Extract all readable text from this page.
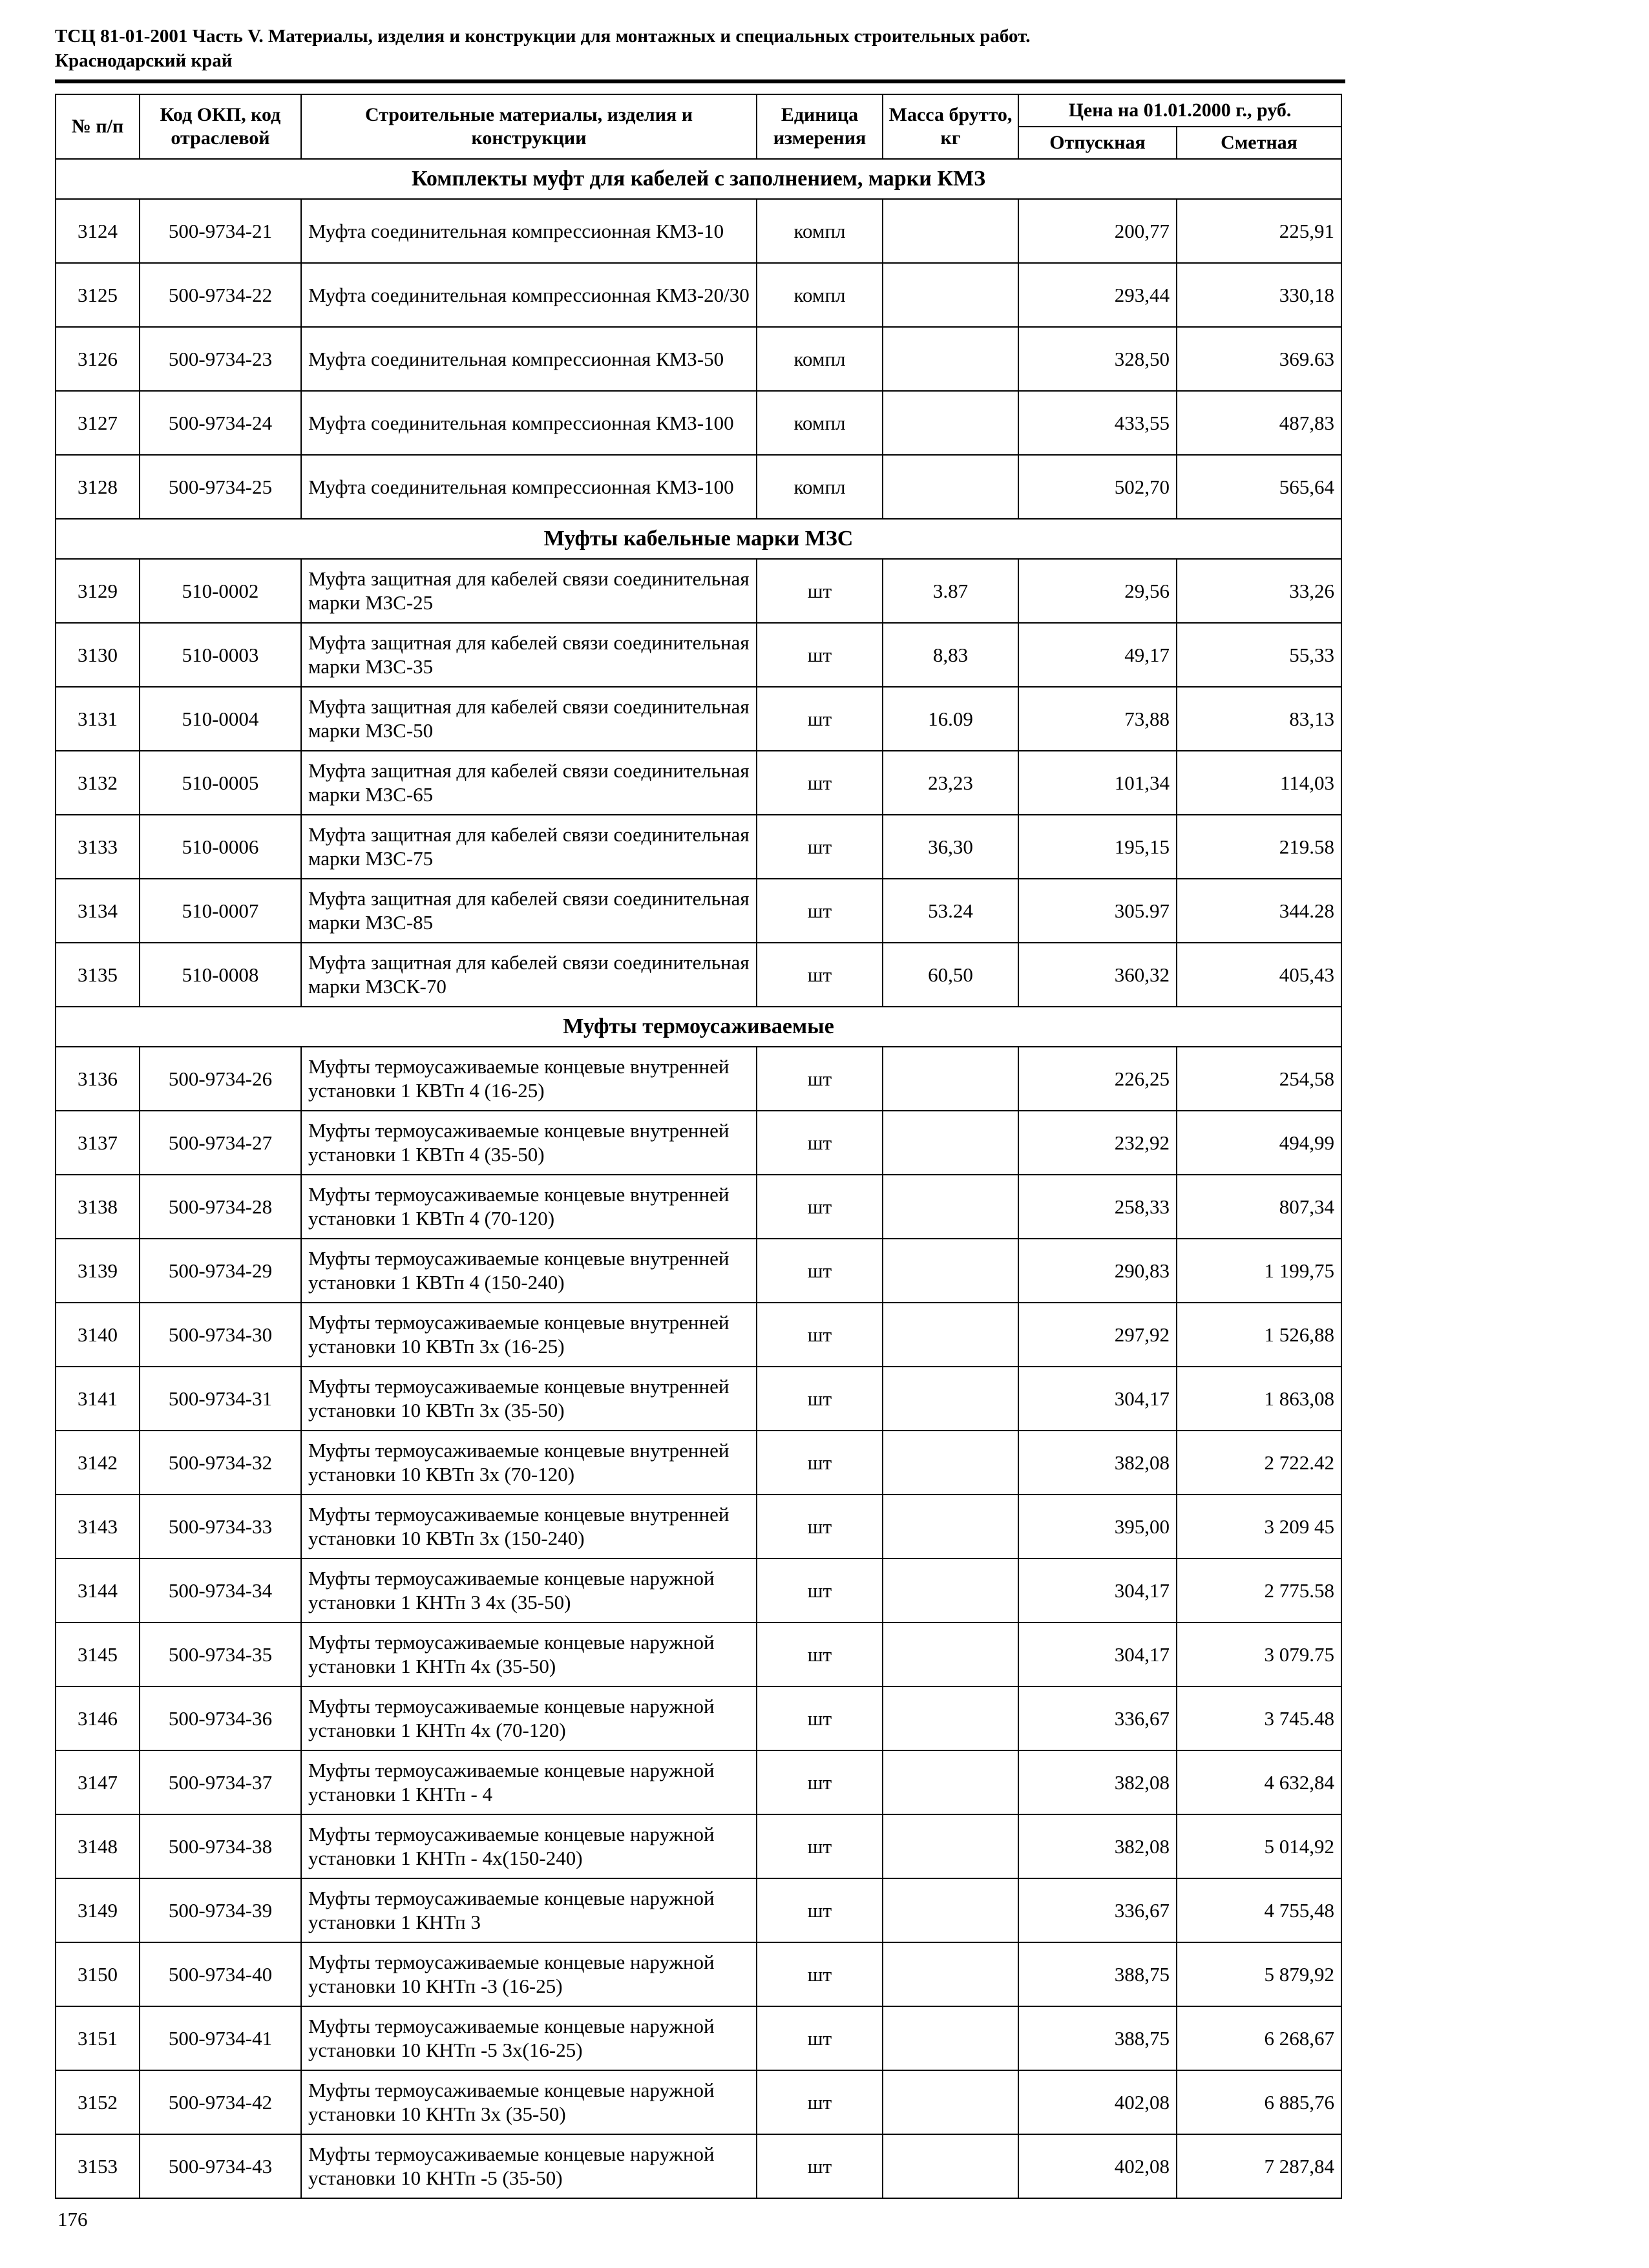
ТСЦ 81-01-2001 Часть V. Материалы, изделия и конструкции для монтажных и специальных строительных работ.
Краснодарский край
№ п/п	Код ОКП, код отраслевой	Строительные материалы, изделия и конструкции	Единица измерения	Масса брутто, кг	Цена на 01.01.2000 г., руб.	
					Отпускная	Сметная
Комплекты муфт для кабелей с заполнением, марки КМЗ						
3124	500-9734-21	Муфта соединительная компрессионная КМЗ-10	компл		200,77	225,91
3125	500-9734-22	Муфта соединительная компрессионная КМЗ-20/30	компл		293,44	330,18
3126	500-9734-23	Муфта соединительная компрессионная КМЗ-50	компл		328,50	369.63
3127	500-9734-24	Муфта соединительная компрессионная КМЗ-100	компл		433,55	487,83
3128	500-9734-25	Муфта соединительная компрессионная КМЗ-100	компл		502,70	565,64
Муфты кабельные марки МЗС						
3129	510-0002	Муфта защитная для кабелей связи соединительная марки МЗС-25	шт	3.87	29,56	33,26
3130	510-0003	Муфта защитная для кабелей связи соединительная марки МЗС-35	шт	8,83	49,17	55,33
3131	510-0004	Муфта защитная для кабелей связи соединительная марки МЗС-50	шт	16.09	73,88	83,13
3132	510-0005	Муфта защитная для кабелей связи соединительная марки МЗС-65	шт	23,23	101,34	114,03
3133	510-0006	Муфта защитная для кабелей связи соединительная марки МЗС-75	шт	36,30	195,15	219.58
3134	510-0007	Муфта защитная для кабелей связи соединительная марки МЗС-85	шт	53.24	305.97	344.28
3135	510-0008	Муфта защитная для кабелей связи соединительная марки МЗСК-70	шт	60,50	360,32	405,43
Муфты термоусаживаемые						
3136	500-9734-26	Муфты термоусаживаемые концевые внутренней установки 1 КВТп 4 (16-25)	шт		226,25	254,58
3137	500-9734-27	Муфты термоусаживаемые концевые внутренней установки 1 КВТп 4 (35-50)	шт		232,92	494,99
3138	500-9734-28	Муфты термоусаживаемые концевые внутренней установки 1 КВТп 4 (70-120)	шт		258,33	807,34
3139	500-9734-29	Муфты термоусаживаемые концевые внутренней установки 1 КВТп 4 (150-240)	шт		290,83	1 199,75
3140	500-9734-30	Муфты термоусаживаемые концевые внутренней установки 10 КВТп 3х (16-25)	шт		297,92	1 526,88
3141	500-9734-31	Муфты термоусаживаемые концевые внутренней установки 10 КВТп 3х (35-50)	шт		304,17	1 863,08
3142	500-9734-32	Муфты термоусаживаемые концевые внутренней установки 10 КВТп 3х (70-120)	шт		382,08	2 722.42
3143	500-9734-33	Муфты термоусаживаемые концевые внутренней установки 10 КВТп 3х (150-240)	шт		395,00	3 209 45
3144	500-9734-34	Муфты термоусаживаемые концевые наружной установки 1 КНТп 3 4х (35-50)	шт		304,17	2 775.58
3145	500-9734-35	Муфты термоусаживаемые концевые наружной установки 1 КНТп 4х (35-50)	шт		304,17	3 079.75
3146	500-9734-36	Муфты термоусаживаемые концевые наружной установки 1 КНТп 4х (70-120)	шт		336,67	3 745.48
3147	500-9734-37	Муфты термоусаживаемые концевые наружной установки 1 КНТп - 4	шт		382,08	4 632,84
3148	500-9734-38	Муфты термоусаживаемые концевые наружной установки 1 КНТп - 4х(150-240)	шт		382,08	5 014,92
3149	500-9734-39	Муфты термоусаживаемые концевые наружной установки 1 КНТп 3	шт		336,67	4 755,48
3150	500-9734-40	Муфты термоусаживаемые концевые наружной установки 10 КНТп -3 (16-25)	шт		388,75	5 879,92
3151	500-9734-41	Муфты термоусаживаемые концевые наружной установки 10 КНТп -5 3х(16-25)	шт		388,75	6 268,67
3152	500-9734-42	Муфты термоусаживаемые концевые наружной установки 10 КНТп 3х (35-50)	шт		402,08	6 885,76
3153	500-9734-43	Муфты термоусаживаемые концевые наружной установки 10 КНТп -5 (35-50)	шт		402,08	7 287,84
176
